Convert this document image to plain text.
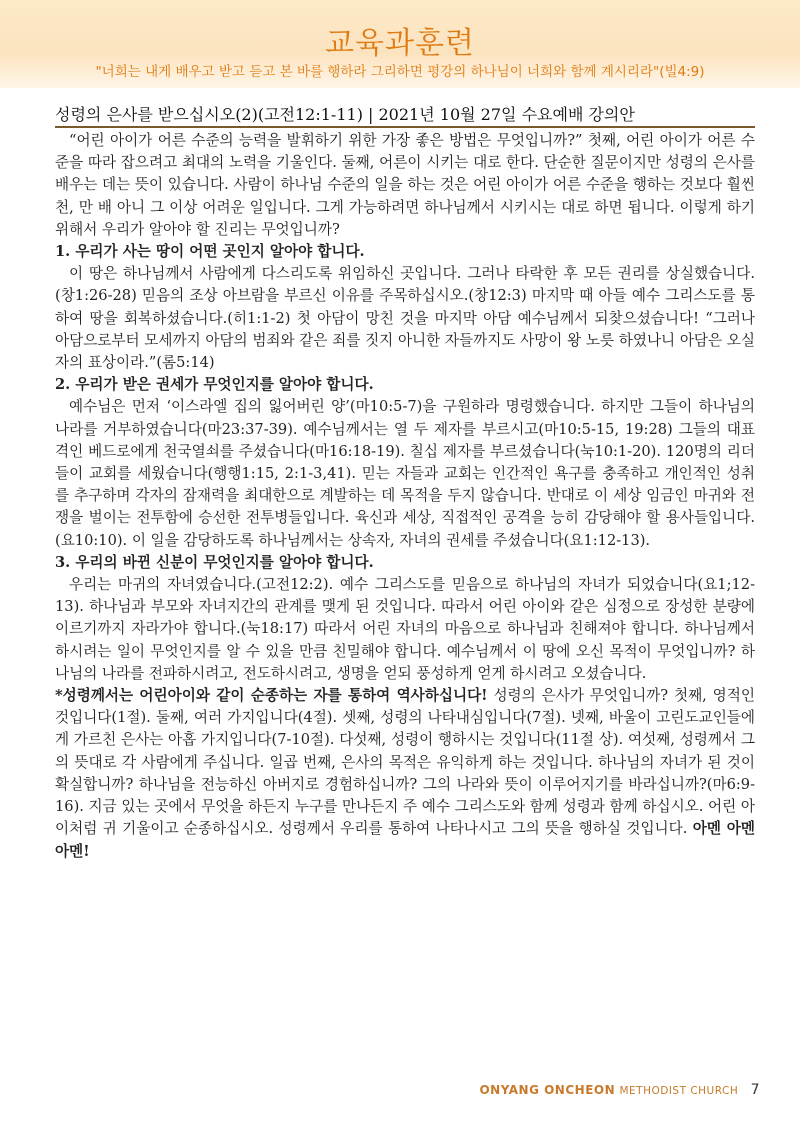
교육과훈련
"너희는 내게 배우고 받고 듣고 본 바를 행하라 그리하면 평강의 하나님이 너희와 함께 계시리라"(빌4:9)
성령의 은사를 받으십시오(2)(고전12:1-11) | 2021년 10월 27일 수요예배 강의안

“어린 아이가 어른 수준의 능력을 발휘하기 위한 가장 좋은 방법은 무엇입니까?” 첫째, 어린 아이가 어른 수준을 따라 잡으려고 최대의 노력을 기울인다. 둘째, 어른이 시키는 대로 한다. 단순한 질문이지만 성령의 은사를 배우는 데는 뜻이 있습니다. 사람이 하나님 수준의 일을 하는 것은 어린 아이가 어른 수준을 행하는 것보다 훨씬 천, 만 배 아니 그 이상 어려운 일입니다. 그게 가능하려면 하나님께서 시키시는 대로 하면 됩니다. 이렇게 하기 위해서 우리가 알아야 할 진리는 무엇입니까?

1. 우리가 사는 땅이 어떤 곳인지 알아야 합니다.

이 땅은 하나님께서 사람에게 다스리도록 위임하신 곳입니다. 그러나 타락한 후 모든 권리를 상실했습니다.(창1:26-28) 믿음의 조상 아브람을 부르신 이유를 주목하십시오.(창12:3) 마지막 때 아들 예수 그리스도를 통하여 땅을 회복하셨습니다.(히1:1-2) 첫 아담이 망친 것을 마지막 아담 예수님께서 되찾으셨습니다! “그러나 아담으로부터 모세까지 아담의 범죄와 같은 죄를 짓지 아니한 자들까지도 사망이 왕 노릇 하였나니 아담은 오실 자의 표상이라.”(롬5:14)

2. 우리가 받은 권세가 무엇인지를 알아야 합니다.

예수님은 먼저 ‘이스라엘 집의 잃어버린 양’(마10:5-7)을 구원하라 명령했습니다. 하지만 그들이 하나님의 나라를 거부하였습니다(마23:37-39). 예수님께서는 열 두 제자를 부르시고(마10:5-15, 19:28) 그들의 대표격인 베드로에게 천국열쇠를 주셨습니다(마16:18-19). 칠십 제자를 부르셨습니다(눅10:1-20). 120명의 리더들이 교회를 세웠습니다(행행1:15, 2:1-3,41). 믿는 자들과 교회는 인간적인 욕구를 충족하고 개인적인 성취를 추구하며 각자의 잠재력을 최대한으로 계발하는 데 목적을 두지 않습니다. 반대로 이 세상 임금인 마귀와 전쟁을 벌이는 전투함에 승선한 전투병들입니다. 육신과 세상, 직접적인 공격을 능히 감당해야 할 용사들입니다. (요10:10). 이 일을 감당하도록 하나님께서는 상속자, 자녀의 권세를 주셨습니다(요1:12-13).

3. 우리의 바뀐 신분이 무엇인지를 알아야 합니다.

우리는 마귀의 자녀였습니다.(고전12:2). 예수 그리스도를 믿음으로 하나님의 자녀가 되었습니다(요1;12-13). 하나님과 부모와 자녀지간의 관계를 맺게 된 것입니다. 따라서 어린 아이와 같은 심정으로 장성한 분량에 이르기까지 자라가야 합니다.(눅18:17) 따라서 어린 자녀의 마음으로 하나님과 친해져야 합니다. 하나님께서 하시려는 일이 무엇인지를 알 수 있을 만큼 친밀해야 합니다. 예수님께서 이 땅에 오신 목적이 무엇입니까? 하나님의 나라를 전파하시려고, 전도하시려고, 생명을 얻되 풍성하게 얻게 하시려고 오셨습니다.

*성령께서는 어린아이와 같이 순종하는 자를 통하여 역사하십니다! 성령의 은사가 무엇입니까? 첫째, 영적인 것입니다(1절). 둘째, 여러 가지입니다(4절). 셋째, 성령의 나타내심입니다(7절). 넷째, 바울이 고린도교인들에게 가르친 은사는 아홉 가지입니다(7-10절). 다섯째, 성령이 행하시는 것입니다(11절 상). 여섯째, 성령께서 그의 뜻대로 각 사람에게 주십니다. 일곱 번째, 은사의 목적은 유익하게 하는 것입니다. 하나님의 자녀가 된 것이 확실합니까? 하나님을 전능하신 아버지로 경험하십니까? 그의 나라와 뜻이 이루어지기를 바라십니까?(마6:9-16). 지금 있는 곳에서 무엇을 하든지 누구를 만나든지 주 예수 그리스도와 함께 성령과 함께 하십시오. 어린 아이처럼 귀 기울이고 순종하십시오. 성령께서 우리를 통하여 나타나시고 그의 뜻을 행하실 것입니다. 아멘 아멘 아멘!

ONYANG ONCHEON METHODIST CHURCH 7
